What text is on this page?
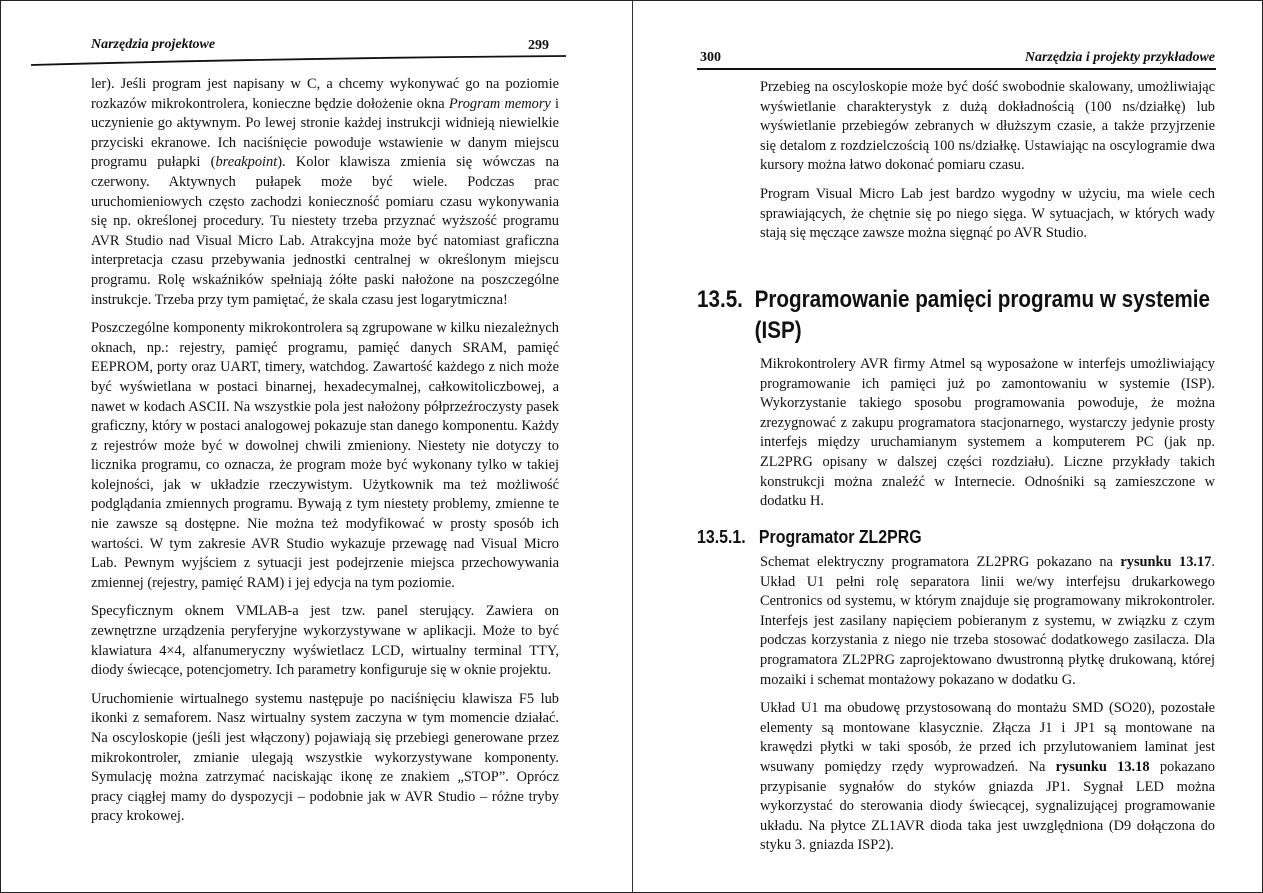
Narzędzia projektowe	299

ler). Jeśli program jest napisany w C, a chcemy wykonywać go na poziomie rozkazów mikrokontrolera, konieczne będzie dołożenie okna Program memory i uczynienie go aktywnym. Po lewej stronie każdej instrukcji widnieją niewielkie przyciski ekranowe. Ich naciśnięcie powoduje wstawienie w danym miejscu programu pułapki (breakpoint). Kolor klawisza zmienia się wówczas na czerwony. Aktywnych pułapek może być wiele. Podczas prac uruchomieniowych często zachodzi konieczność pomiaru czasu wykonywania się np. określonej procedury. Tu niestety trzeba przyznać wyższość programu AVR Studio nad Visual Micro Lab. Atrakcyjna może być natomiast graficzna interpretacja czasu przebywania jednostki centralnej w określonym miejscu programu. Rolę wskaźników spełniają żółte paski nałożone na poszczególne instrukcje. Trzeba przy tym pamiętać, że skala czasu jest logarytmiczna!

Poszczególne komponenty mikrokontrolera są zgrupowane w kilku niezależnych oknach, np.: rejestry, pamięć programu, pamięć danych SRAM, pamięć EEPROM, porty oraz UART, timery, watchdog. Zawartość każdego z nich może być wyświetlana w postaci binarnej, hexadecymalnej, całkowitoliczbowej, a nawet w kodach ASCII. Na wszystkie pola jest nałożony półprzeźroczysty pasek graficzny, który w postaci analogowej pokazuje stan danego komponentu. Każdy z rejestrów może być w dowolnej chwili zmieniony. Niestety nie dotyczy to licznika programu, co oznacza, że program może być wykonany tylko w takiej kolejności, jak w układzie rzeczywistym. Użytkownik ma też możliwość podglądania zmiennych programu. Bywają z tym niestety problemy, zmienne te nie zawsze są dostępne. Nie można też modyfikować w prosty sposób ich wartości. W tym zakresie AVR Studio wykazuje przewagę nad Visual Micro Lab. Pewnym wyjściem z sytuacji jest podejrzenie miejsca przechowywania zmiennej (rejestry, pamięć RAM) i jej edycja na tym poziomie.

Specyficznym oknem VMLAB-a jest tzw. panel sterujący. Zawiera on zewnętrzne urządzenia peryferyjne wykorzystywane w aplikacji. Może to być klawiatura 4×4, alfanumeryczny wyświetlacz LCD, wirtualny terminal TTY, diody świecące, potencjometry. Ich parametry konfiguruje się w oknie projektu.

Uruchomienie wirtualnego systemu następuje po naciśnięciu klawisza F5 lub ikonki z semaforem. Nasz wirtualny system zaczyna w tym momencie działać. Na oscyloskopie (jeśli jest włączony) pojawiają się przebiegi generowane przez mikrokontroler, zmianie ulegają wszystkie wykorzystywane komponenty. Symulację można zatrzymać naciskając ikonę ze znakiem „STOP”. Oprócz pracy ciągłej mamy do dyspozycji – podobnie jak w AVR Studio – różne tryby pracy krokowej.

300	Narzędzia i projekty przykładowe

Przebieg na oscyloskopie może być dość swobodnie skalowany, umożliwiając wyświetlanie charakterystyk z dużą dokładnością (100 ns/działkę) lub wyświetlanie przebiegów zebranych w dłuższym czasie, a także przyjrzenie się detalom z rozdzielczością 100 ns/działkę. Ustawiając na oscylogramie dwa kursory można łatwo dokonać pomiaru czasu.

Program Visual Micro Lab jest bardzo wygodny w użyciu, ma wiele cech sprawiających, że chętnie się po niego sięga. W sytuacjach, w których wady stają się męczące zawsze można sięgnąć po AVR Studio.

13.5. Programowanie pamięci programu w systemie
(ISP)

Mikrokontrolery AVR firmy Atmel są wyposażone w interfejs umożliwiający programowanie ich pamięci już po zamontowaniu w systemie (ISP). Wykorzystanie takiego sposobu programowania powoduje, że można zrezygnować z zakupu programatora stacjonarnego, wystarczy jedynie prosty interfejs między uruchamianym systemem a komputerem PC (jak np. ZL2PRG opisany w dalszej części rozdziału). Liczne przykłady takich konstrukcji można znaleźć w Internecie. Odnośniki są zamieszczone w dodatku H.

13.5.1. Programator ZL2PRG

Schemat elektryczny programatora ZL2PRG pokazano na rysunku 13.17. Układ U1 pełni rolę separatora linii we/wy interfejsu drukarkowego Centronics od systemu, w którym znajduje się programowany mikrokontroler. Interfejs jest zasilany napięciem pobieranym z systemu, w związku z czym podczas korzystania z niego nie trzeba stosować dodatkowego zasilacza. Dla programatora ZL2PRG zaprojektowano dwustronną płytkę drukowaną, której mozaiki i schemat montażowy pokazano w dodatku G.

Układ U1 ma obudowę przystosowaną do montażu SMD (SO20), pozostałe elementy są montowane klasycznie. Złącza J1 i JP1 są montowane na krawędzi płytki w taki sposób, że przed ich przylutowaniem laminat jest wsuwany pomiędzy rzędy wyprowadzeń. Na rysunku 13.18 pokazano przypisanie sygnałów do styków gniazda JP1. Sygnał LED można wykorzystać do sterowania diody świecącej, sygnalizującej programowanie układu. Na płytce ZL1AVR dioda taka jest uwzględniona (D9 dołączona do styku 3. gniazda ISP2).
